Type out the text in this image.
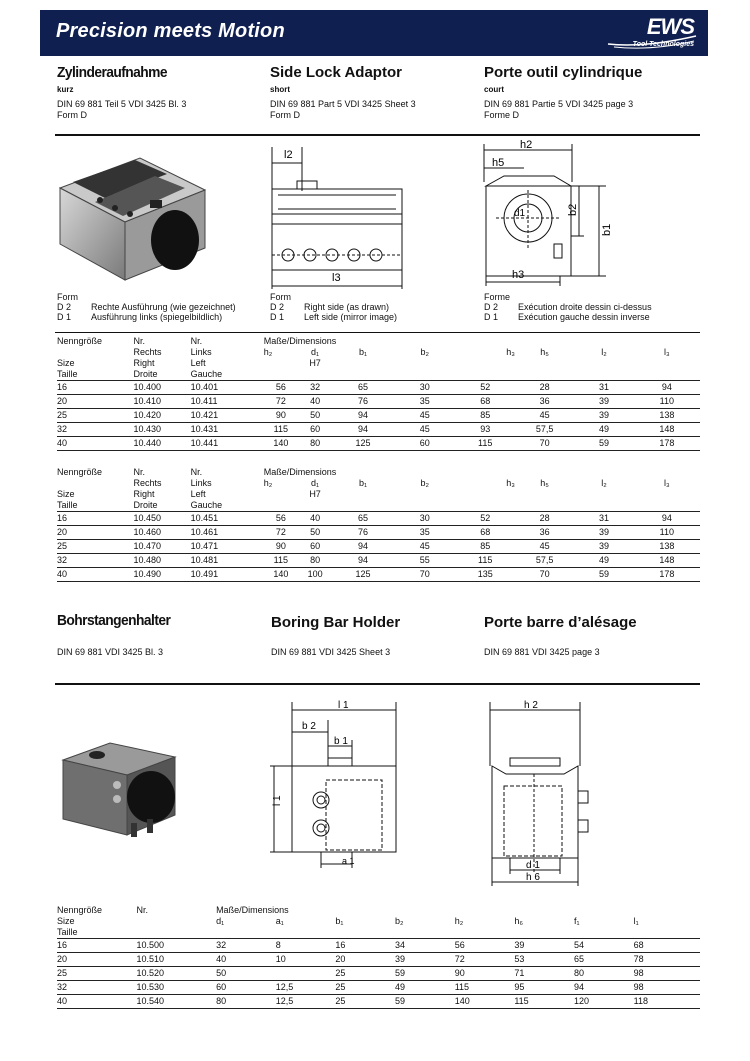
Precision meets Motion	EWS
Tool Technologies
Zylinderaufnahme
kurz
DIN 69 881 Teil 5 VDI 3425 Bl. 3
Form D
Side Lock Adaptor
short
DIN 69 881 Part 5 VDI 3425 Sheet 3
Form D
Porte outil cylindrique
court
DIN 69 881 Partie 5 VDI 3425 page 3
Forme D
l2
l3
h2
h5
h3
d1
b1
b2
Form
D 2	Rechte Ausführung (wie gezeichnet)
D 1	Ausführung links (spiegelbildlich)
Form
D 2	Right side (as drawn)
D 1	Left side (mirror image)
Forme
D 2	Exécution droite dessin ci-dessus
D 1	Exécution gauche dessin inverse
Nenngröße	Nr.	Nr.	Maße/Dimensions							
	Rechts	Links	h₂	d₁	b₁	b₂	h₃	h₅	l₂	l₃
Size	Right	Left		H7						
Taille	Droite	Gauche								
16	10.400	10.401	56	32	65	30	52	28	31	94
20	10.410	10.411	72	40	76	35	68	36	39	110
25	10.420	10.421	90	50	94	45	85	45	39	138
32	10.430	10.431	115	60	94	45	93	57,5	49	148
40	10.440	10.441	140	80	125	60	115	70	59	178
Nenngröße	Nr.	Nr.	Maße/Dimensions							
	Rechts	Links	h₂	d₁	b₁	b₂	h₃	h₅	l₂	l₃
Size	Right	Left		H7						
Taille	Droite	Gauche								
16	10.450	10.451	56	40	65	30	52	28	31	94
20	10.460	10.461	72	50	76	35	68	36	39	110
25	10.470	10.471	90	60	94	45	85	45	39	138
32	10.480	10.481	115	80	94	55	115	57,5	49	148
40	10.490	10.491	140	100	125	70	135	70	59	178
Bohrstangenhalter
DIN 69 881 VDI 3425 Bl. 3
Boring Bar Holder
DIN 69 881 VDI 3425 Sheet 3
Porte barre d’alésage
DIN 69 881 VDI 3425 page 3
l 1
b 2
b 1
a 1
l 1
h 2
d 1
h 6
Nenngröße	Nr.	Maße/Dimensions							
Size		d₁	a₁	b₁	b₂	h₂	h₆	f₁	l₁
Taille									
16	10.500	32	8	16	34	56	39	54	68
20	10.510	40	10	20	39	72	53	65	78
25	10.520	50		25	59	90	71	80	98
32	10.530	60	12,5	25	49	115	95	94	98
40	10.540	80	12,5	25	59	140	115	120	118
